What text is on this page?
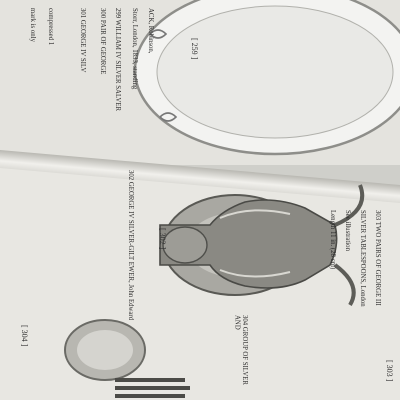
ACK, Robinson,
Storr, London, 1833, standing
299 WILLIAM IV SILVER SALVER
300 PAIR OF GEORGE
301 GEORGE IV SILV
compressed 1
mark is only
302 GEORGE IV SILVER-GILT EWER, John Edward	303 TWO PAIRS OF GEORGE III
SILVER TABLESPOONS, London
304 GROUP OF SILVER AND
See illustration
Length 11 in. (28 cm)
[ 259 ]
[ 304 ]
[ 302 ]
[ 303 ]
